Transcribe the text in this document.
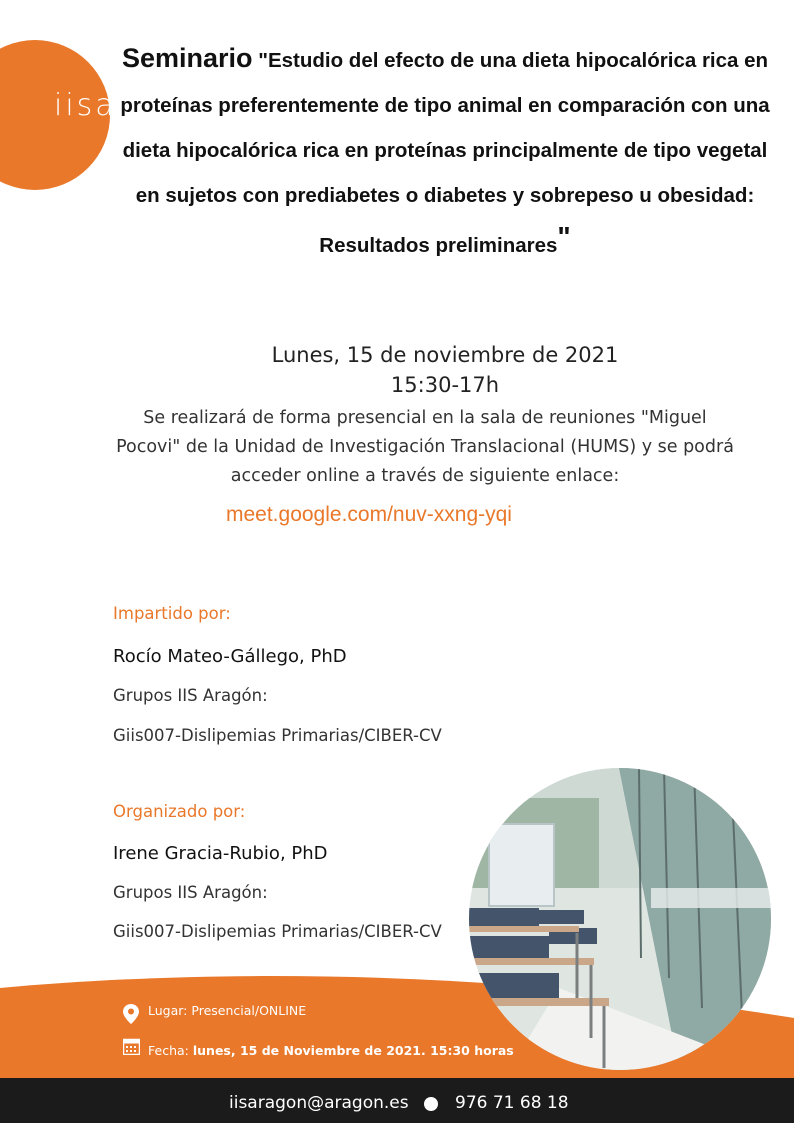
iisa.
Seminario "Estudio del efecto de una dieta hipocalórica rica en proteínas preferentemente de tipo animal en comparación con una dieta hipocalórica rica en proteínas principalmente de tipo vegetal en sujetos con prediabetes o diabetes y sobrepeso u obesidad:
Resultados preliminares"
Lunes, 15 de noviembre de 2021
15:30-17h
Se realizará de forma presencial en la sala de reuniones "Miguel Pocovi" de la Unidad de Investigación Translacional (HUMS) y se podrá acceder online a través de siguiente enlace:
meet.google.com/nuv-xxng-yqi
Impartido por:
Rocío Mateo-Gállego, PhD
Grupos IIS Aragón:
Giis007-Dislipemias Primarias/CIBER-CV
Organizado por:
Irene Gracia-Rubio, PhD
Grupos IIS Aragón:
Giis007-Dislipemias Primarias/CIBER-CV
Lugar: Presencial/ONLINE
Fecha: lunes, 15 de Noviembre de 2021. 15:30 horas
iisaragon@aragon.es	976 71 68 18
